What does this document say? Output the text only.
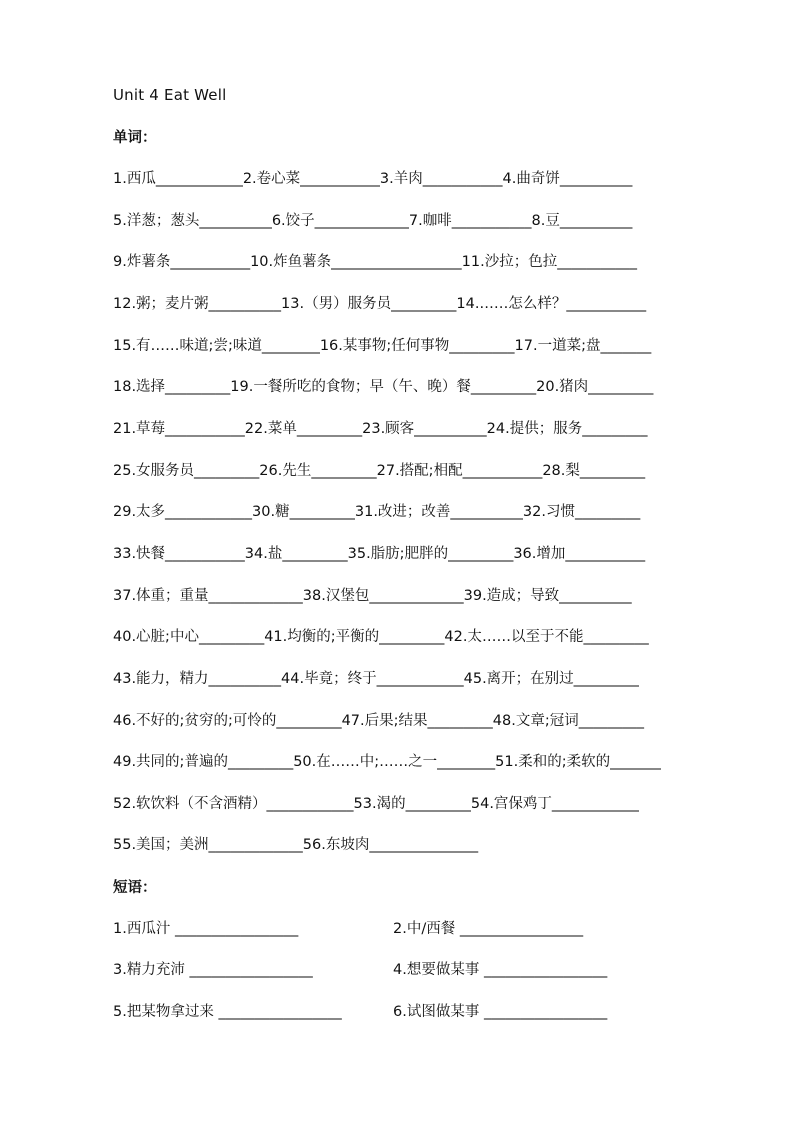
Unit 4 Eat Well
单词：
1.西瓜____________2.卷心菜___________3.羊肉___________4.曲奇饼__________
5.洋葱；葱头__________6.饺子_____________7.咖啡___________8.豆__________
9.炸薯条___________10.炸鱼薯条__________________11.沙拉；色拉___________
12.粥；麦片粥__________13.（男）服务员_________14.……怎么样？___________
15.有……味道;尝;味道________16.某事物;任何事物_________17.一道菜;盘_______
18.选择_________19.一餐所吃的食物；早（午、晚）餐_________20.猪肉_________
21.草莓___________22.菜单_________23.顾客__________24.提供；服务_________
25.女服务员_________26.先生_________27.搭配;相配___________28.梨_________
29.太多____________30.糖_________31.改进；改善__________32.习惯_________
33.快餐___________34.盐_________35.脂肪;肥胖的_________36.增加___________
37.体重；重量_____________38.汉堡包_____________39.造成；导致__________
40.心脏;中心_________41.均衡的;平衡的_________42.太……以至于不能_________
43.能力，精力__________44.毕竟；终于____________45.离开；在别过_________
46.不好的;贫穷的;可怜的_________47.后果;结果_________48.文章;冠词_________
49.共同的;普遍的_________50.在……中;……之一________51.柔和的;柔软的_______
52.软饮料（不含酒精）____________53.渴的_________54.宫保鸡丁____________
55.美国；美洲_____________56.东坡肉_______________
短语：
1.西瓜汁 _________________	2.中/西餐 _________________
3.精力充沛 _________________	4.想要做某事 _________________
5.把某物拿过来 _________________	6.试图做某事 _________________
